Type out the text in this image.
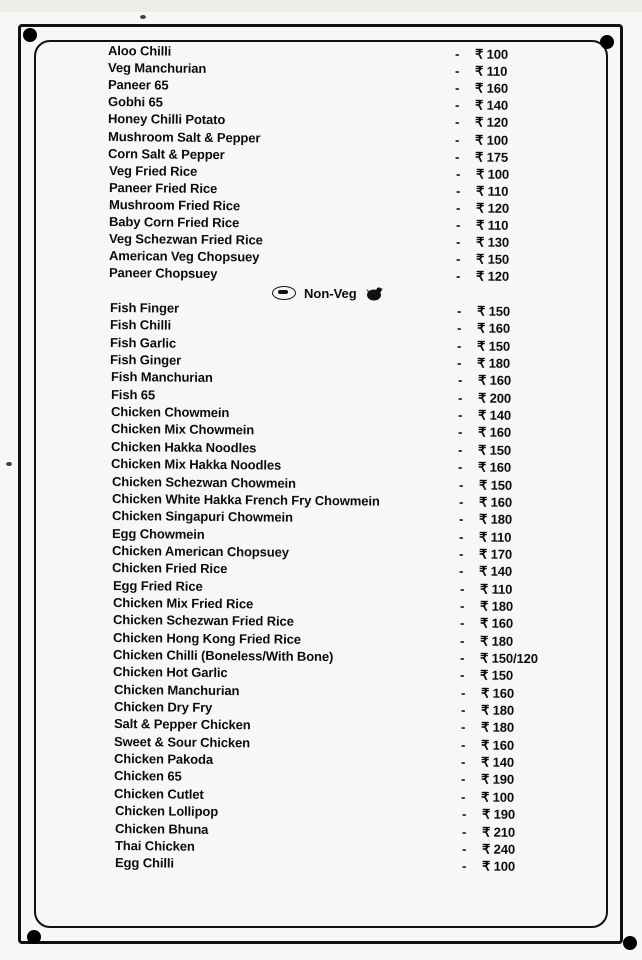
Aloo Chilli	- ₹ 100
Veg Manchurian	- ₹ 110
Paneer 65	- ₹ 160
Gobhi 65	- ₹ 140
Honey Chilli Potato	- ₹ 120
Mushroom Salt & Pepper	- ₹ 100
Corn Salt & Pepper	- ₹ 175
Veg Fried Rice	- ₹ 100
Paneer Fried Rice	- ₹ 110
Mushroom Fried Rice	- ₹ 120
Baby Corn Fried Rice	- ₹ 110
Veg Schezwan Fried Rice	- ₹ 130
American Veg Chopsuey	- ₹ 150
Paneer Chopsuey	- ₹ 120
Non-Veg
Fish Finger	- ₹ 150
Fish Chilli	- ₹ 160
Fish Garlic	- ₹ 150
Fish Ginger	- ₹ 180
Fish Manchurian	- ₹ 160
Fish 65	- ₹ 200
Chicken Chowmein	- ₹ 140
Chicken Mix Chowmein	- ₹ 160
Chicken Hakka Noodles	- ₹ 150
Chicken Mix Hakka Noodles	- ₹ 160
Chicken Schezwan Chowmein	- ₹ 150
Chicken White Hakka French Fry Chowmein	- ₹ 160
Chicken Singapuri Chowmein	- ₹ 180
Egg Chowmein	- ₹ 110
Chicken American Chopsuey	- ₹ 170
Chicken Fried Rice	- ₹ 140
Egg Fried Rice	- ₹ 110
Chicken Mix Fried Rice	- ₹ 180
Chicken Schezwan Fried Rice	- ₹ 160
Chicken Hong Kong Fried Rice	- ₹ 180
Chicken Chilli (Boneless/With Bone)	- ₹ 150/120
Chicken Hot Garlic	- ₹ 150
Chicken Manchurian	- ₹ 160
Chicken Dry Fry	- ₹ 180
Salt & Pepper Chicken	- ₹ 180
Sweet & Sour Chicken	- ₹ 160
Chicken Pakoda	- ₹ 140
Chicken 65	- ₹ 190
Chicken Cutlet	- ₹ 100
Chicken Lollipop	- ₹ 190
Chicken Bhuna	- ₹ 210
Thai Chicken	- ₹ 240
Egg Chilli	- ₹ 100
